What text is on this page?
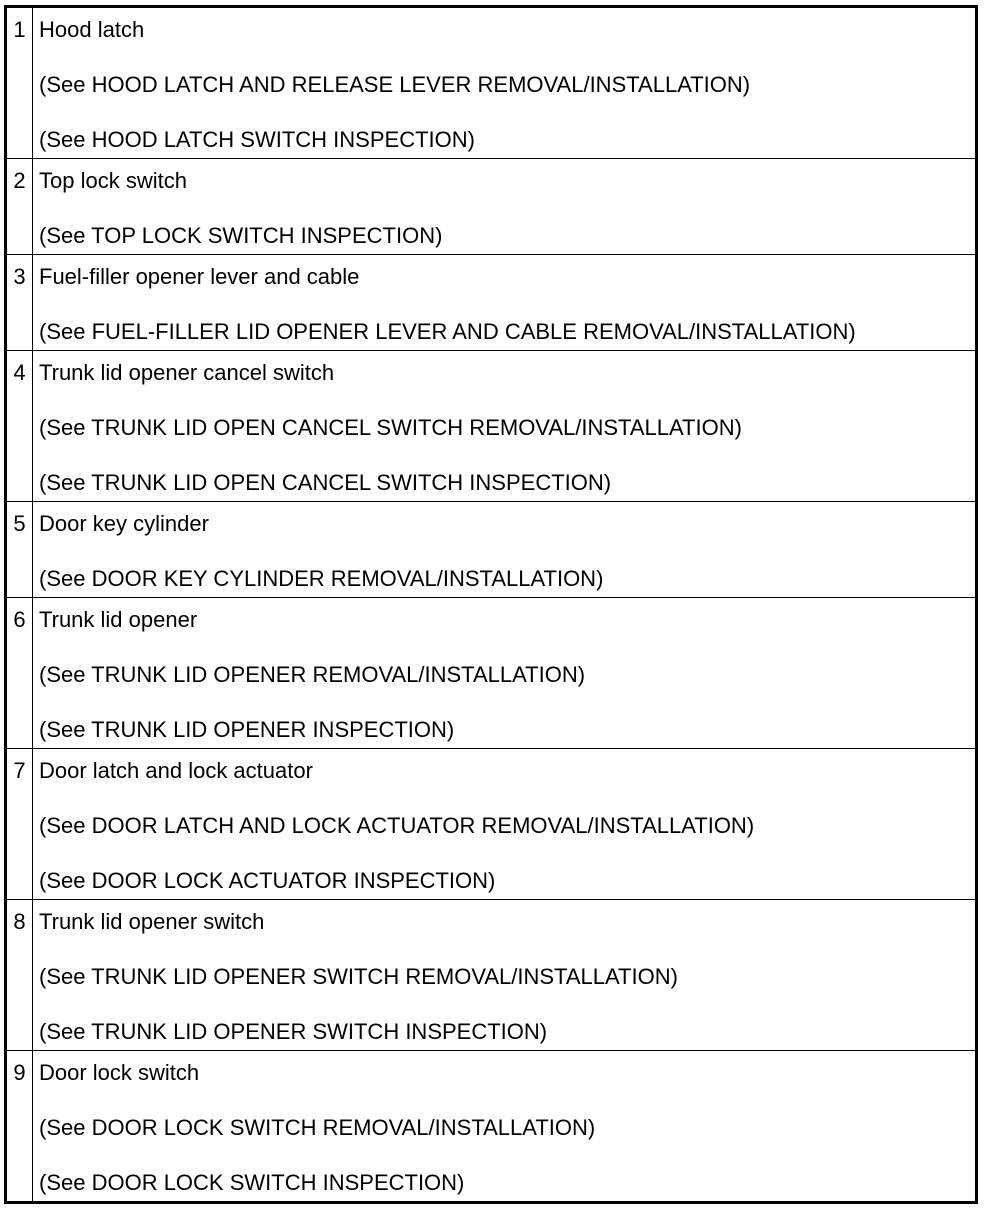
1	Hood latch
(See HOOD LATCH AND RELEASE LEVER REMOVAL/INSTALLATION)
(See HOOD LATCH SWITCH INSPECTION)

2	Top lock switch
(See TOP LOCK SWITCH INSPECTION)

3	Fuel-filler opener lever and cable
(See FUEL-FILLER LID OPENER LEVER AND CABLE REMOVAL/INSTALLATION)

4	Trunk lid opener cancel switch
(See TRUNK LID OPEN CANCEL SWITCH REMOVAL/INSTALLATION)
(See TRUNK LID OPEN CANCEL SWITCH INSPECTION)

5	Door key cylinder
(See DOOR KEY CYLINDER REMOVAL/INSTALLATION)

6	Trunk lid opener
(See TRUNK LID OPENER REMOVAL/INSTALLATION)
(See TRUNK LID OPENER INSPECTION)

7	Door latch and lock actuator
(See DOOR LATCH AND LOCK ACTUATOR REMOVAL/INSTALLATION)
(See DOOR LOCK ACTUATOR INSPECTION)

8	Trunk lid opener switch
(See TRUNK LID OPENER SWITCH REMOVAL/INSTALLATION)
(See TRUNK LID OPENER SWITCH INSPECTION)

9	Door lock switch
(See DOOR LOCK SWITCH REMOVAL/INSTALLATION)
(See DOOR LOCK SWITCH INSPECTION)
